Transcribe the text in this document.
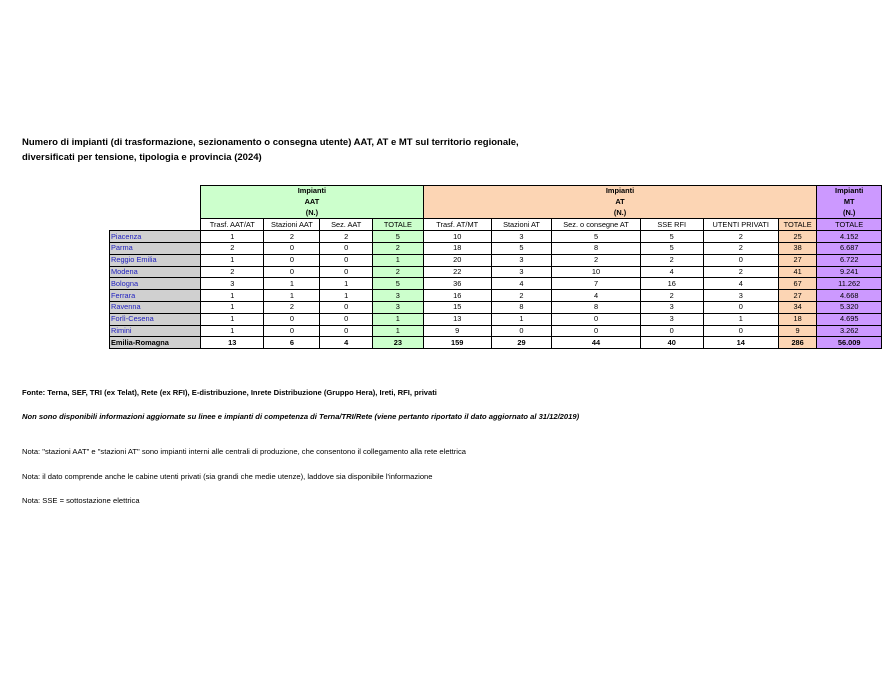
Numero di impianti (di trasformazione, sezionamento o consegna utente) AAT, AT e MT sul territorio regionale,
diversificati per tensione, tipologia e provincia (2024)
	Impianti				Impianti						Impianti
	AAT				AT						MT
	(N.)				(N.)						(N.)
	Trasf. AAT/AT	Stazioni AAT	Sez. AAT	TOTALE	Trasf. AT/MT	Stazioni AT	Sez. o consegne AT	SSE RFI	UTENTI PRIVATI	TOTALE	TOTALE
Piacenza	1	2	2	5	10	3	5	5	2	25	4.152
Parma	2	0	0	2	18	5	8	5	2	38	6.687
Reggio Emilia	1	0	0	1	20	3	2	2	0	27	6.722
Modena	2	0	0	2	22	3	10	4	2	41	9.241
Bologna	3	1	1	5	36	4	7	16	4	67	11.262
Ferrara	1	1	1	3	16	2	4	2	3	27	4.668
Ravenna	1	2	0	3	15	8	8	3	0	34	5.320
Forlì-Cesena	1	0	0	1	13	1	0	3	1	18	4.695
Rimini	1	0	0	1	9	0	0	0	0	9	3.262
Emilia-Romagna	13	6	4	23	159	29	44	40	14	286	56.009
Fonte: Terna, SEF, TRI (ex Telat), Rete (ex RFI), E-distribuzione, Inrete Distribuzione (Gruppo Hera), Ireti, RFI, privati
Non sono disponibili informazioni aggiornate su linee e impianti di competenza di Terna/TRI/Rete (viene pertanto riportato il dato aggiornato al 31/12/2019)
Nota: "stazioni AAT" e "stazioni AT" sono impianti interni alle centrali di produzione, che consentono il collegamento alla rete elettrica
Nota: il dato comprende anche le cabine utenti privati (sia grandi che medie utenze), laddove sia disponibile l'informazione
Nota: SSE = sottostazione elettrica
